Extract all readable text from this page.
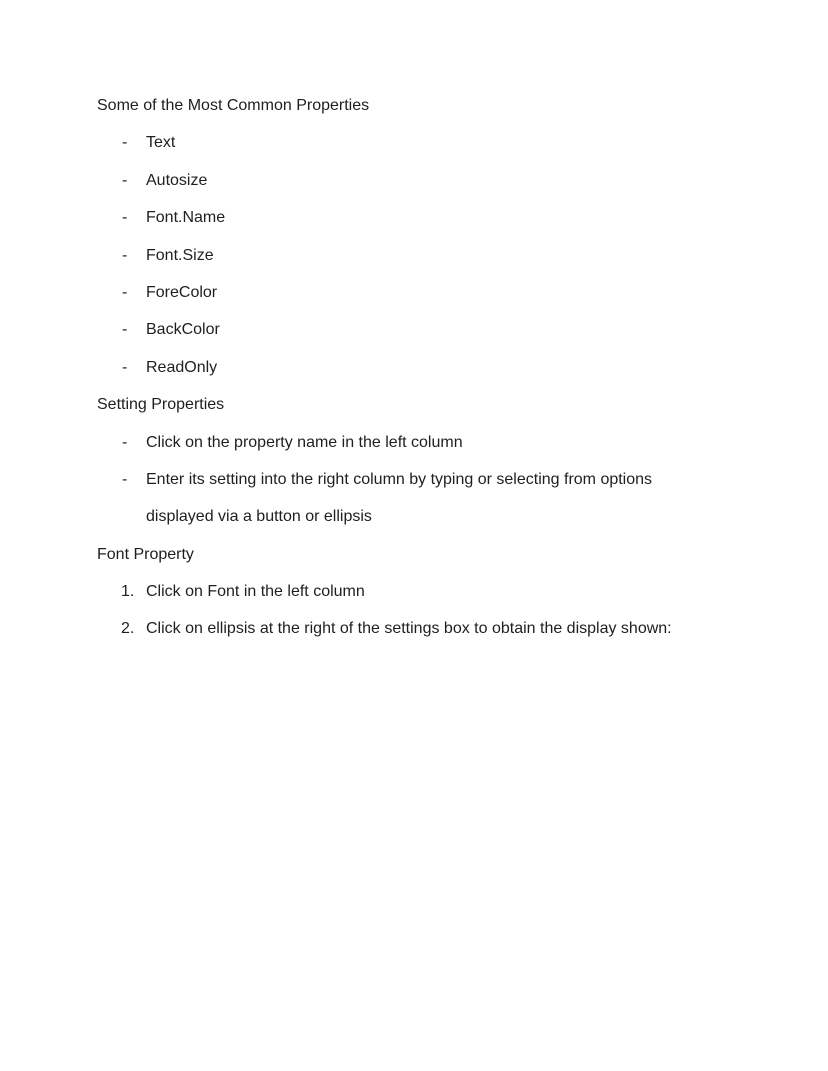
Some of the Most Common Properties
- Text
- Autosize
- Font.Name
- Font.Size
- ForeColor
- BackColor
- ReadOnly
Setting Properties
- Click on the property name in the left column
- Enter its setting into the right column by typing or selecting from options
displayed via a button or ellipsis
Font Property
1. Click on Font in the left column
2. Click on ellipsis at the right of the settings box to obtain the display shown:
